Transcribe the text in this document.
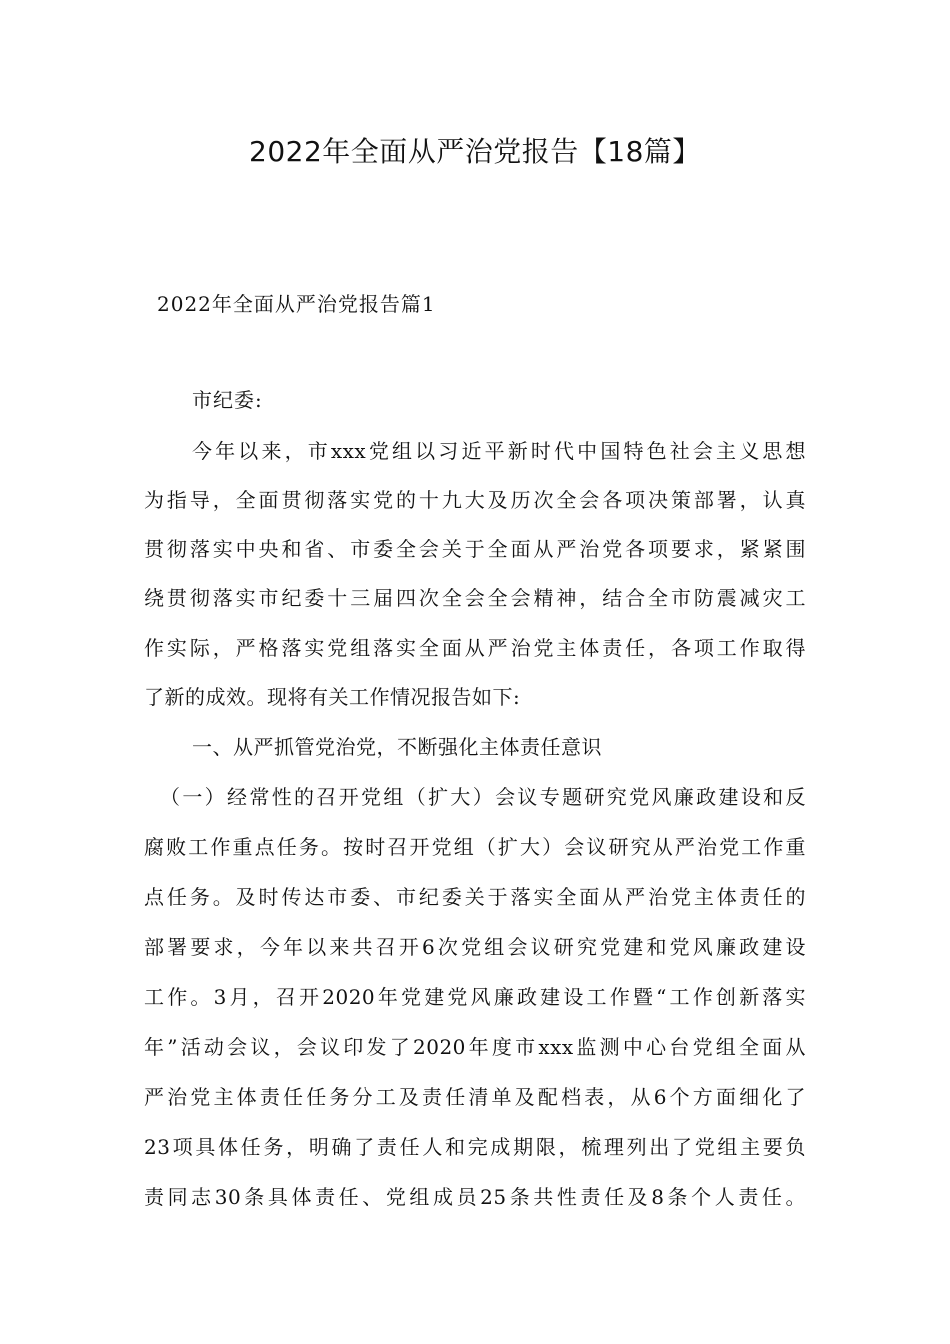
2022年全面从严治党报告【18篇】
2022年全面从严治党报告篇1
市纪委:
今年以来，市xxx党组以习近平新时代中国特色社会主义思想
为指导，全面贯彻落实党的十九大及历次全会各项决策部署，认真
贯彻落实中央和省、市委全会关于全面从严治党各项要求，紧紧围
绕贯彻落实市纪委十三届四次全会全会精神，结合全市防震减灾工
作实际，严格落实党组落实全面从严治党主体责任，各项工作取得
了新的成效。现将有关工作情况报告如下:
一、从严抓管党治党，不断强化主体责任意识
（一）经常性的召开党组（扩大）会议专题研究党风廉政建设和反
腐败工作重点任务。按时召开党组（扩大）会议研究从严治党工作重
点任务。及时传达市委、市纪委关于落实全面从严治党主体责任的
部署要求，今年以来共召开6次党组会议研究党建和党风廉政建设
工作。3月，召开2020年党建党风廉政建设工作暨“工作创新落实
年”活动会议，会议印发了2020年度市xxx监测中心台党组全面从
严治党主体责任任务分工及责任清单及配档表，从6个方面细化了
23项具体任务，明确了责任人和完成期限，梳理列出了党组主要负
责同志30条具体责任、党组成员25条共性责任及8条个人责任。
